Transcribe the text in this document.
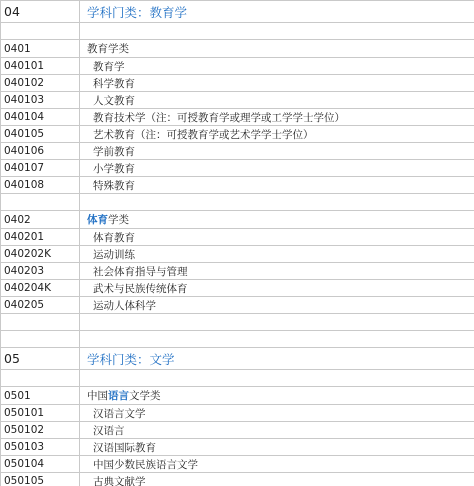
04	学科门类：教育学

0401	教育学类
040101	教育学
040102	科学教育
040103	人文教育
040104	教育技术学（注：可授教育学或理学或工学学士学位）
040105	艺术教育（注：可授教育学或艺术学学士学位）
040106	学前教育
040107	小学教育
040108	特殊教育

0402	体育学类
040201	体育教育
040202K	运动训练
040203	社会体育指导与管理
040204K	武术与民族传统体育
040205	运动人体科学

05	学科门类：文学

0501	中国语言文学类
050101	汉语言文学
050102	汉语言
050103	汉语国际教育
050104	中国少数民族语言文学
050105	古典文献学
